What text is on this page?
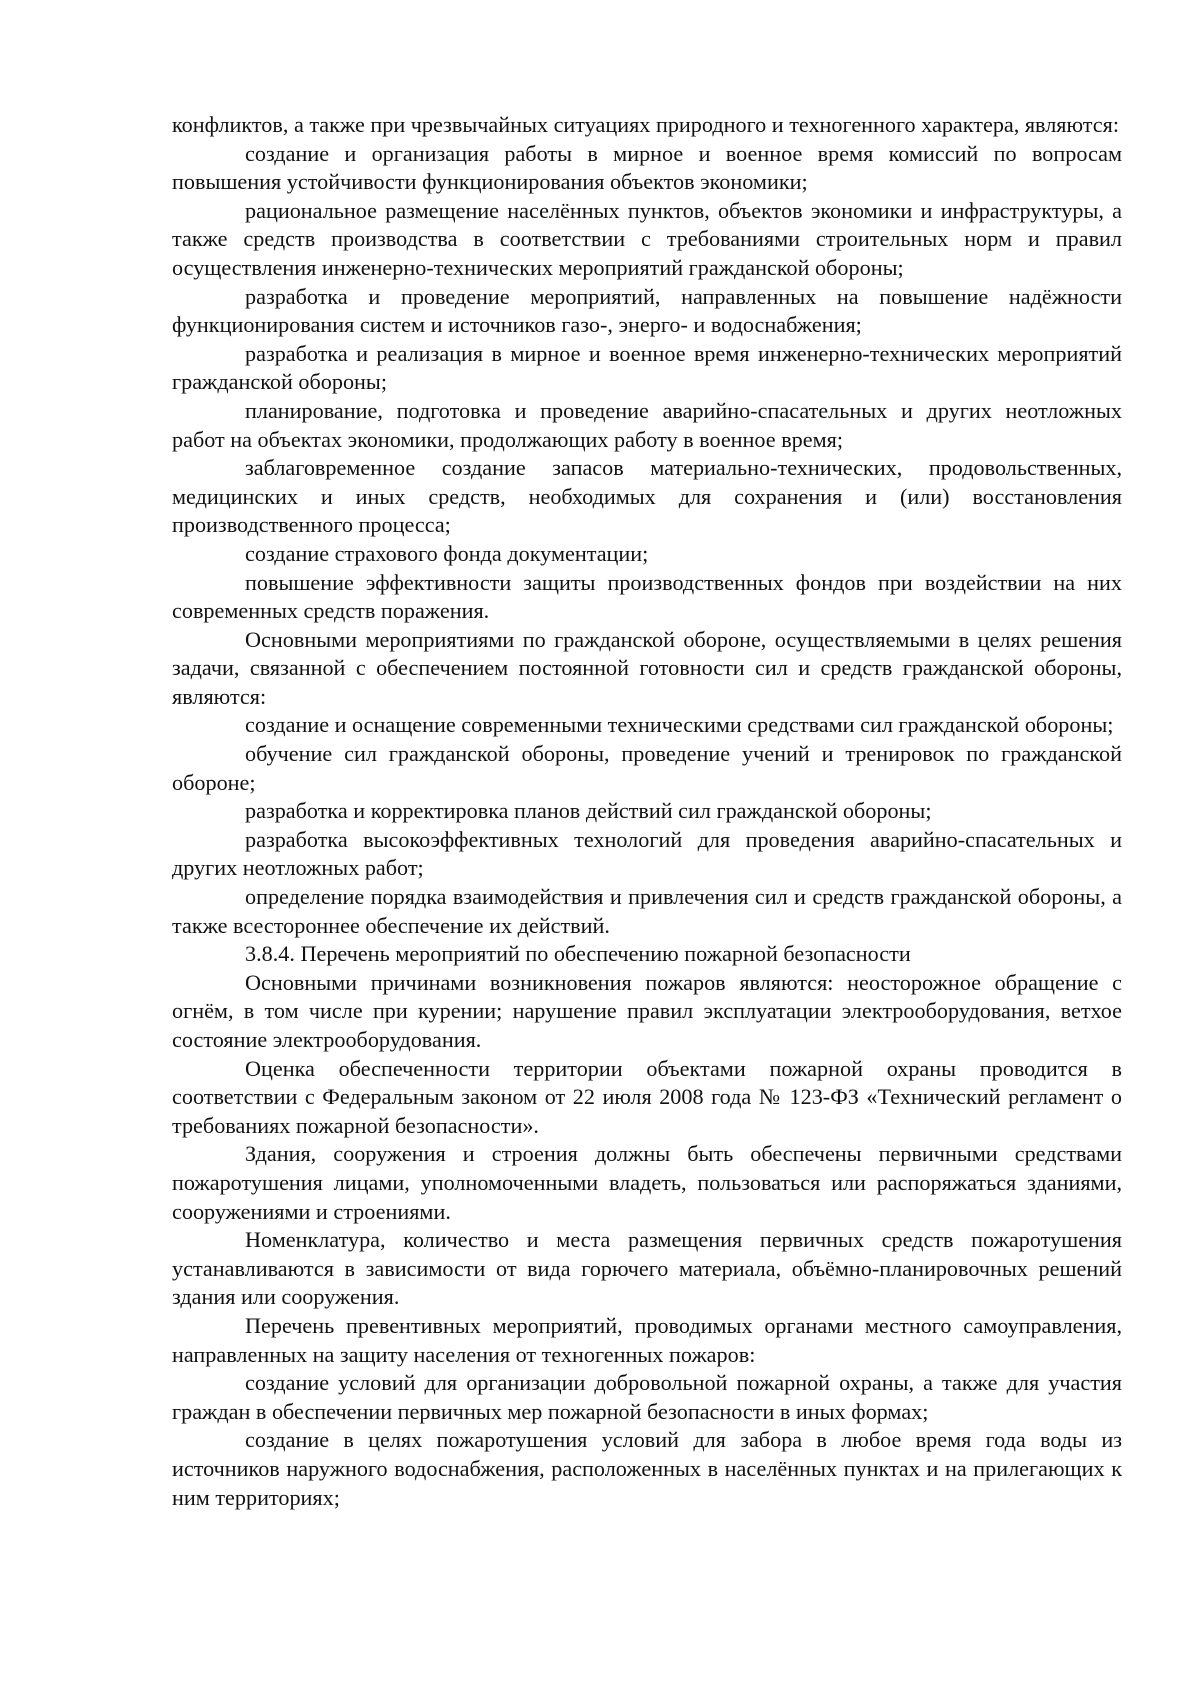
конфликтов, а также при чрезвычайных ситуациях природного и техногенного характера, являются:

создание и организация работы в мирное и военное время комиссий по вопросам повышения устойчивости функционирования объектов экономики;

рациональное размещение населённых пунктов, объектов экономики и инфраструктуры, а также средств производства в соответствии с требованиями строительных норм и правил осуществления инженерно-технических мероприятий гражданской обороны;

разработка и проведение мероприятий, направленных на повышение надёжности функционирования систем и источников газо-, энерго- и водоснабжения;

разработка и реализация в мирное и военное время инженерно-технических мероприятий гражданской обороны;

планирование, подготовка и проведение аварийно-спасательных и других неотложных работ на объектах экономики, продолжающих работу в военное время;

заблаговременное создание запасов материально-технических, продовольственных, медицинских и иных средств, необходимых для сохранения и (или) восстановления производственного процесса;

создание страхового фонда документации;

повышение эффективности защиты производственных фондов при воздействии на них современных средств поражения.

Основными мероприятиями по гражданской обороне, осуществляемыми в целях решения задачи, связанной с обеспечением постоянной готовности сил и средств гражданской обороны, являются:

создание и оснащение современными техническими средствами сил гражданской обороны;

обучение сил гражданской обороны, проведение учений и тренировок по гражданской обороне;

разработка и корректировка планов действий сил гражданской обороны;

разработка высокоэффективных технологий для проведения аварийно-спасательных и других неотложных работ;

определение порядка взаимодействия и привлечения сил и средств гражданской обороны, а также всестороннее обеспечение их действий.

3.8.4. Перечень мероприятий по обеспечению пожарной безопасности

Основными причинами возникновения пожаров являются: неосторожное обращение с огнём, в том числе при курении; нарушение правил эксплуатации электрооборудования, ветхое состояние электрооборудования.

Оценка обеспеченности территории объектами пожарной охраны проводится в соответствии с Федеральным законом от 22 июля 2008 года № 123-ФЗ «Технический регламент о требованиях пожарной безопасности».

Здания, сооружения и строения должны быть обеспечены первичными средствами пожаротушения лицами, уполномоченными владеть, пользоваться или распоряжаться зданиями, сооружениями и строениями.

Номенклатура, количество и места размещения первичных средств пожаротушения устанавливаются в зависимости от вида горючего материала, объёмно-планировочных решений здания или сооружения.

Перечень превентивных мероприятий, проводимых органами местного самоуправления, направленных на защиту населения от техногенных пожаров:

создание условий для организации добровольной пожарной охраны, а также для участия граждан в обеспечении первичных мер пожарной безопасности в иных формах;

создание в целях пожаротушения условий для забора в любое время года воды из источников наружного водоснабжения, расположенных в населённых пунктах и на прилегающих к ним территориях;
